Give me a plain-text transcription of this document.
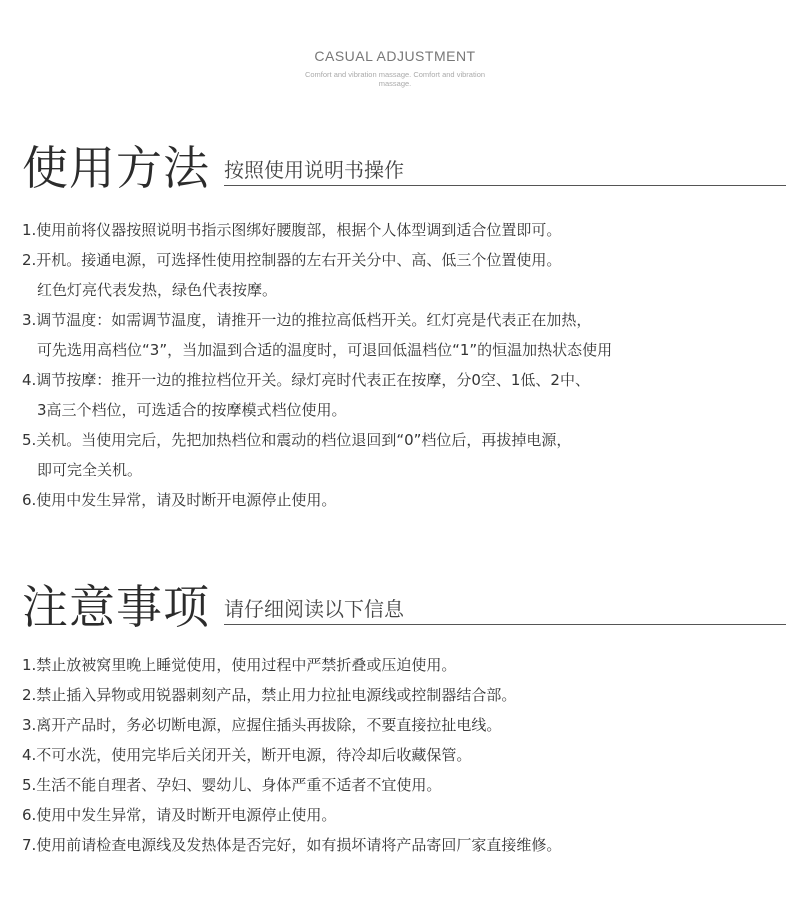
CASUAL ADJUSTMENT
Comfort and vibration massage. Comfort and vibration massage.
使用方法 按照使用说明书操作
1.使用前将仪器按照说明书指示图绑好腰腹部，根据个人体型调到适合位置即可。
2.开机。接通电源，可选择性使用控制器的左右开关分中、高、低三个位置使用。
红色灯亮代表发热，绿色代表按摩。
3.调节温度：如需调节温度，请推开一边的推拉高低档开关。红灯亮是代表正在加热，
可先选用高档位“3”，当加温到合适的温度时，可退回低温档位“1”的恒温加热状态使用
4.调节按摩：推开一边的推拉档位开关。绿灯亮时代表正在按摩，分0空、1低、2中、
3高三个档位，可选适合的按摩模式档位使用。
5.关机。当使用完后，先把加热档位和震动的档位退回到“0”档位后，再拔掉电源，
即可完全关机。
6.使用中发生异常，请及时断开电源停止使用。
注意事项 请仔细阅读以下信息
1.禁止放被窝里晚上睡觉使用，使用过程中严禁折叠或压迫使用。
2.禁止插入异物或用锐器刺刻产品，禁止用力拉扯电源线或控制器结合部。
3.离开产品时，务必切断电源，应握住插头再拔除，不要直接拉扯电线。
4.不可水洗，使用完毕后关闭开关，断开电源，待冷却后收藏保管。
5.生活不能自理者、孕妇、婴幼儿、身体严重不适者不宜使用。
6.使用中发生异常，请及时断开电源停止使用。
7.使用前请检查电源线及发热体是否完好，如有损坏请将产品寄回厂家直接维修。
